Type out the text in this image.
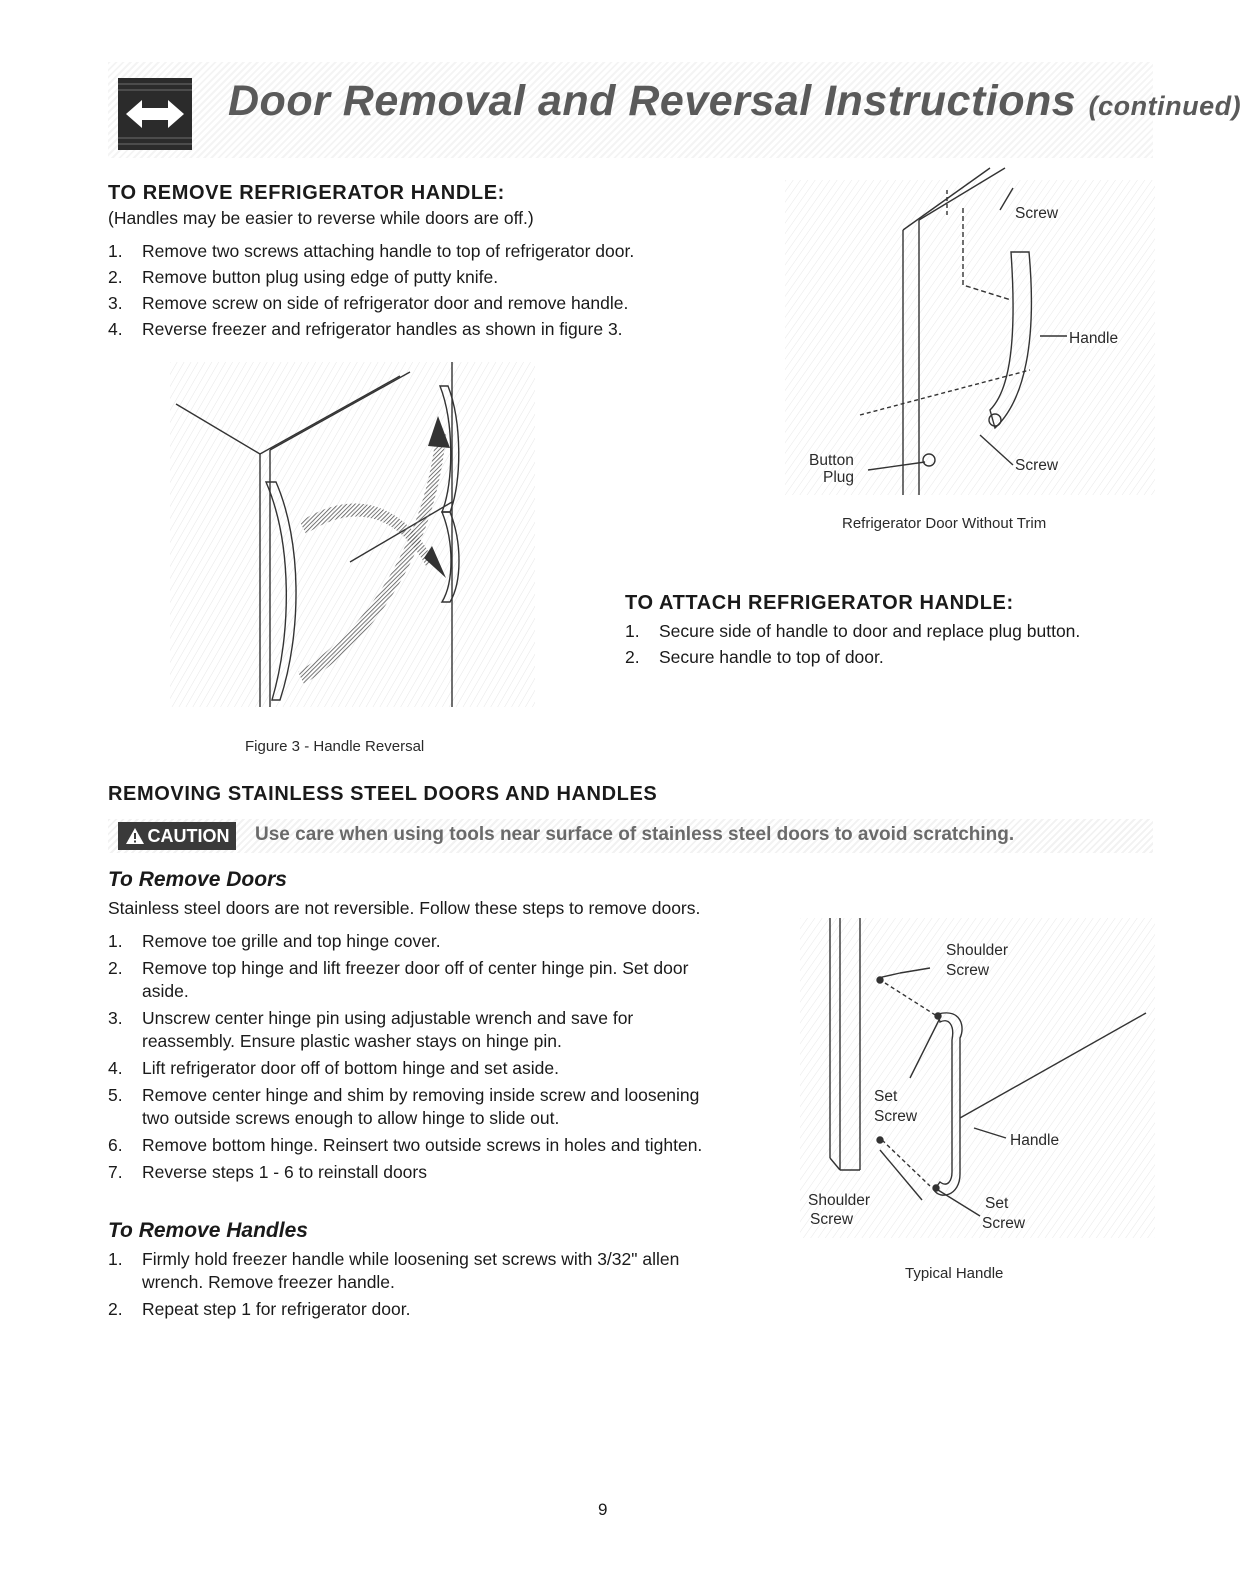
Door Removal and Reversal Instructions (continued)
TO REMOVE REFRIGERATOR HANDLE:
(Handles may be easier to reverse while doors are off.)
1. Remove two screws attaching handle to top of refrigerator door.
2. Remove button plug using edge of putty knife.
3. Remove screw on side of refrigerator door and remove handle.
4. Reverse freezer and refrigerator handles as shown in figure 3.
Screw
Handle
Button
Plug
Screw
Refrigerator Door Without Trim
Figure 3 - Handle Reversal
TO ATTACH REFRIGERATOR HANDLE:
1. Secure side of handle to door and replace plug button.
2. Secure handle to top of door.
REMOVING STAINLESS STEEL DOORS AND HANDLES
CAUTION Use care when using tools near surface of stainless steel doors to avoid scratching.
To Remove Doors
Stainless steel doors are not reversible. Follow these steps to remove doors.
1. Remove toe grille and top hinge cover.
2. Remove top hinge and lift freezer door off of center hinge pin. Set door
aside.
3. Unscrew center hinge pin using adjustable wrench and save for
reassembly. Ensure plastic washer stays on hinge pin.
4. Lift refrigerator door off of bottom hinge and set aside.
5. Remove center hinge and shim by removing inside screw and loosening
two outside screws enough to allow hinge to slide out.
6. Remove bottom hinge. Reinsert two outside screws in holes and tighten.
7. Reverse steps 1 - 6 to reinstall doors
To Remove Handles
1. Firmly hold freezer handle while loosening set screws with 3/32" allen
wrench. Remove freezer handle.
2. Repeat step 1 for refrigerator door.
Shoulder
Screw
Set
Screw
Handle
Shoulder
Screw
Set
Screw
Typical Handle
9
